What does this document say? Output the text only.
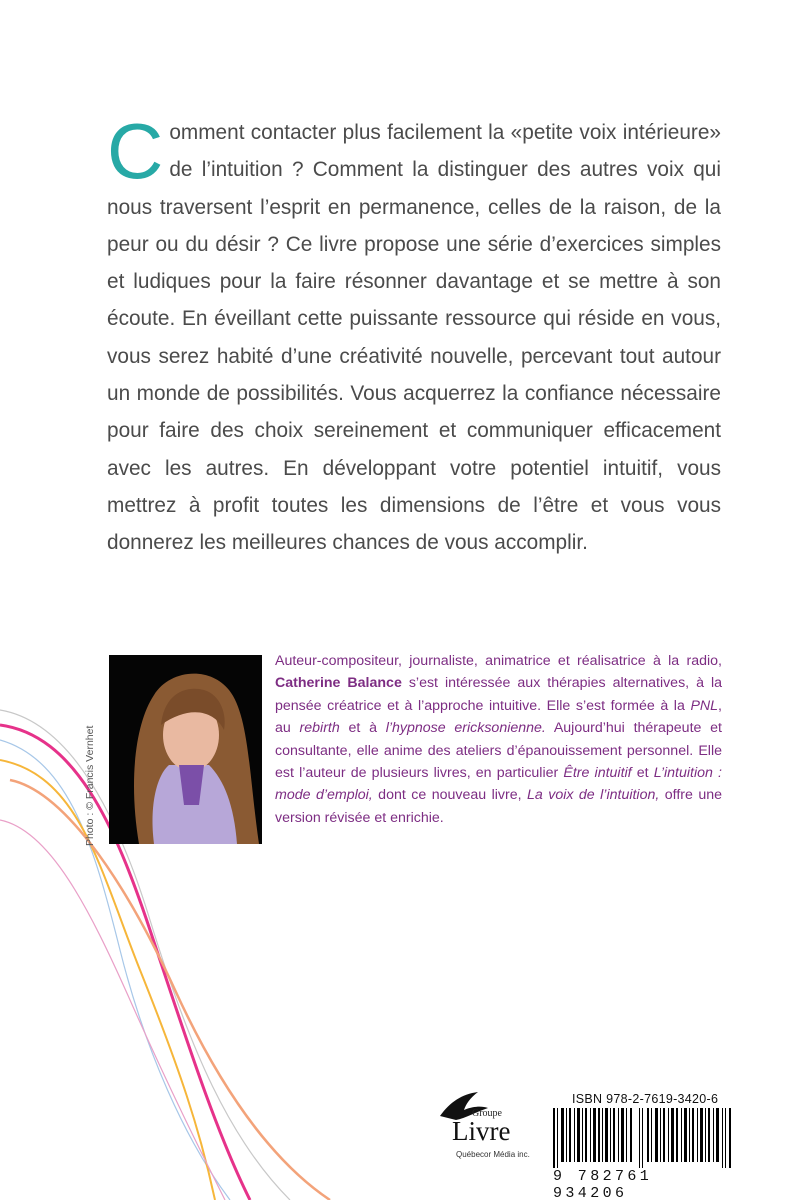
Comment contacter plus facilement la «petite voix intérieure» de l’intuition ? Comment la distinguer des autres voix qui nous traversent l’esprit en permanence, celles de la raison, de la peur ou du désir ? Ce livre propose une série d’exercices simples et ludiques pour la faire résonner davantage et se mettre à son écoute. En éveillant cette puissante ressource qui réside en vous, vous serez habité d’une créativité nouvelle, percevant tout autour un monde de possibilités. Vous acquerrez la confiance nécessaire pour faire des choix sereinement et communiquer efficacement avec les autres. En développant votre potentiel intuitif, vous mettrez à profit toutes les dimensions de l’être et vous vous donnerez les meilleures chances de vous accomplir.

Photo : © Francis Vernhet

Auteur-compositeur, journaliste, animatrice et réalisatrice à la radio, Catherine Balance s’est intéressée aux thérapies alternatives, à la pensée créatrice et à l’approche intuitive. Elle s’est formée à la PNL, au rebirth et à l’hypnose ericksonienne. Aujourd’hui thérapeute et consultante, elle anime des ateliers d’épanouissement personnel. Elle est l’auteur de plusieurs livres, en particulier Être intuitif et L’intuition : mode d’emploi, dont ce nouveau livre, La voix de l’intuition, offre une version révisée et enrichie.

Groupe
Livre
Québecor Média inc.
ISBN 978-2-7619-3420-6
9 782761 934206
